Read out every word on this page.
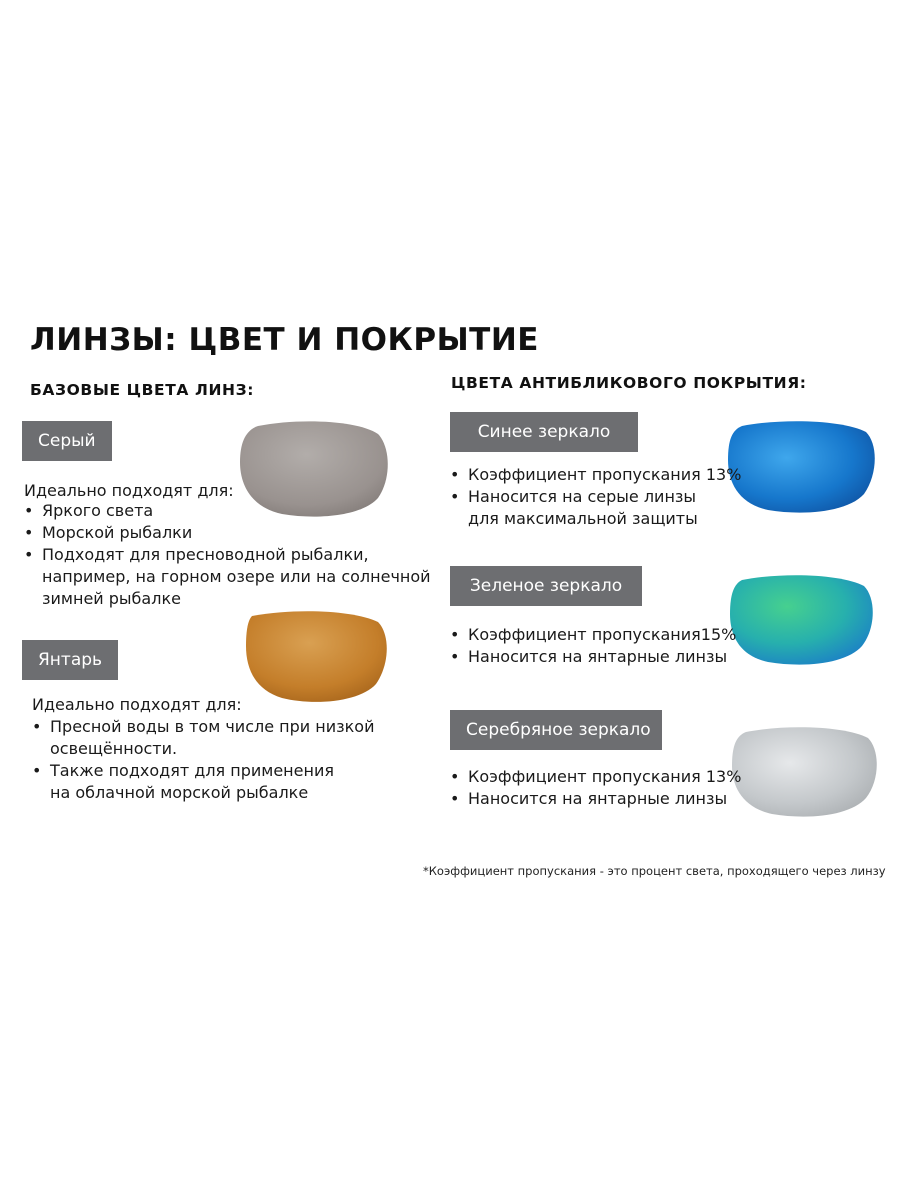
ЛИНЗЫ: ЦВЕТ И ПОКРЫТИЕ
БАЗОВЫЕ ЦВЕТА ЛИНЗ:
Серый
Идеально подходят для:
• Яркого света
• Морской рыбалки
• Подходят для пресноводной рыбалки,
например, на горном озере или на солнечной
зимней рыбалке
Янтарь
Идеально подходят для:
• Пресной воды в том числе при низкой
освещённости.
• Также подходят для применения
на облачной морской рыбалке
ЦВЕТА АНТИБЛИКОВОГО ПОКРЫТИЯ:
Синее зеркало
• Коэффициент пропускания 13%
• Наносится на серые линзы
для максимальной защиты
Зеленое зеркало
• Коэффициент пропускания15%
• Наносится на янтарные линзы
Серебряное зеркало
• Коэффициент пропускания 13%
• Наносится на янтарные линзы
*Коэффициент пропускания - это процент света, проходящего через линзу
